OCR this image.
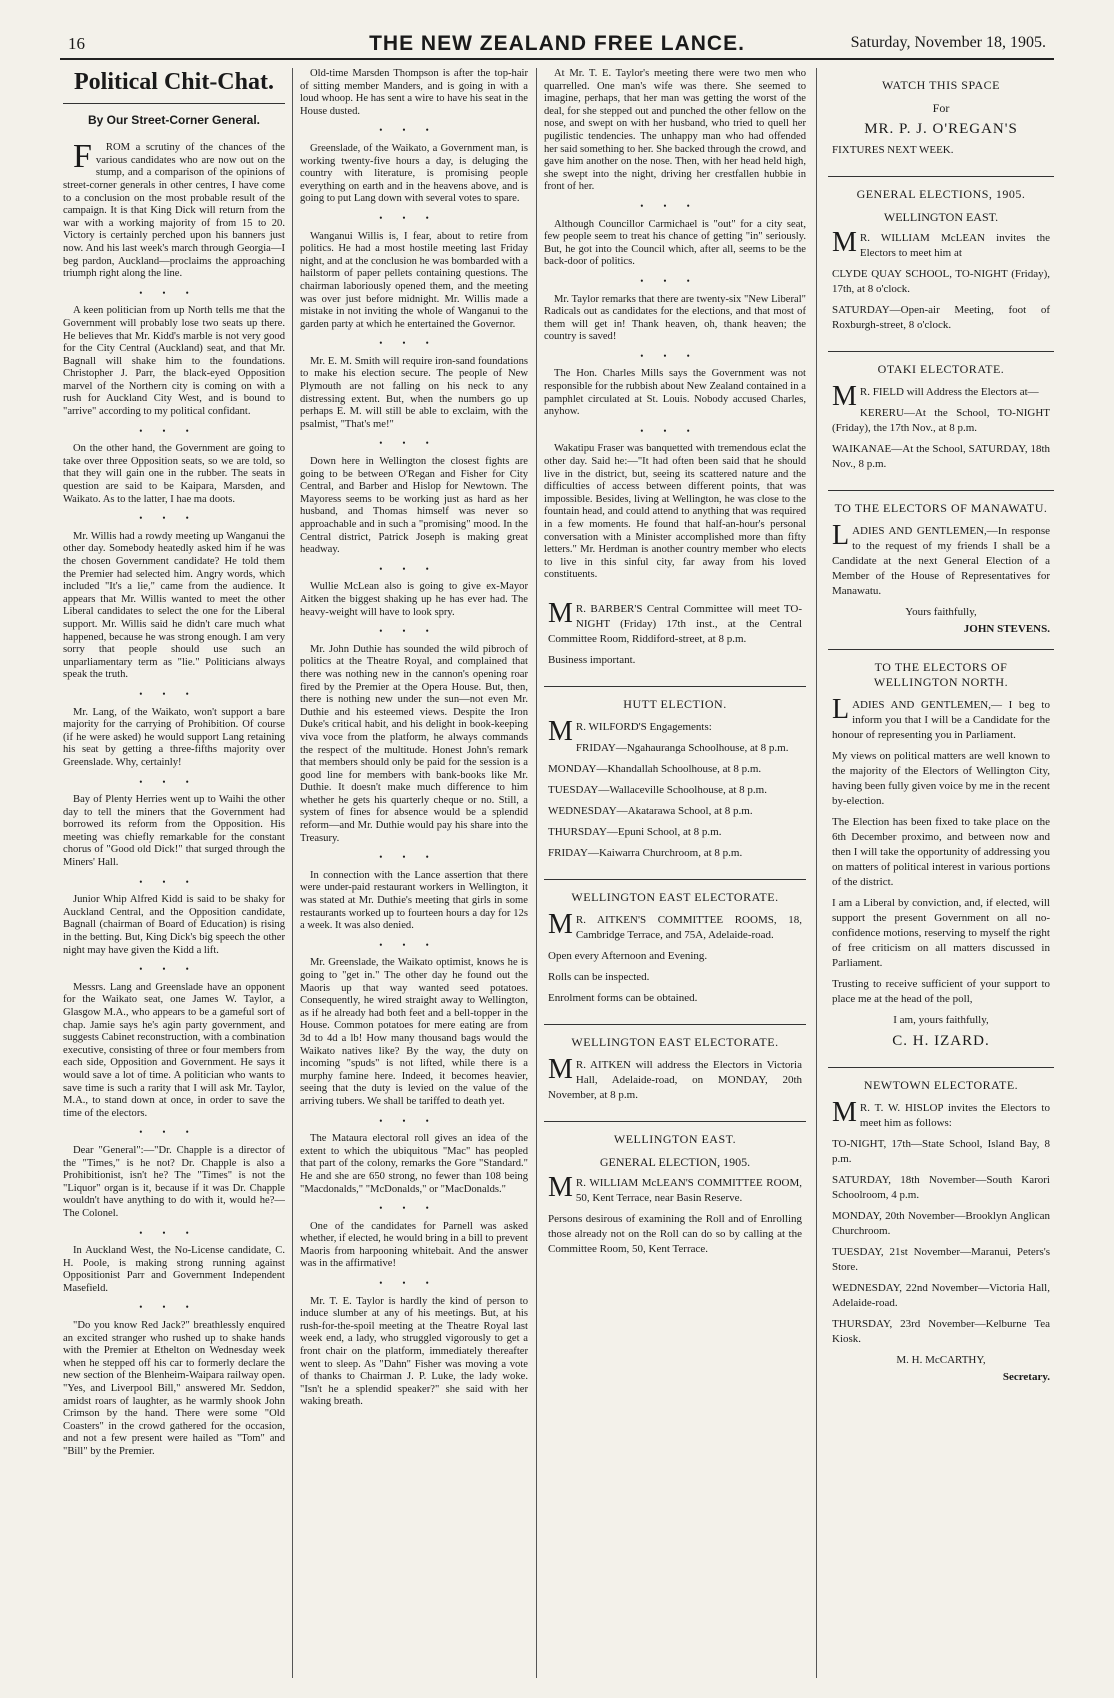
16	THE NEW ZEALAND FREE LANCE.	Saturday, November 18, 1905.
Political Chit-Chat.
By Our Street-Corner General.

FROM a scrutiny of the chances of the various candidates who are now out on the stump, and a comparison of the opinions of street-corner generals in other centres, I have come to a conclusion on the most probable result of the campaign. It is that King Dick will return from the war with a working majority of from 15 to 20. Victory is certainly perched upon his banners just now. And his last week's march through Georgia—I beg pardon, Auckland—proclaims the approaching triumph right along the line.

•••

A keen politician from up North tells me that the Government will probably lose two seats up there. He believes that Mr. Kidd's marble is not very good for the City Central (Auckland) seat, and that Mr. Bagnall will shake him to the foundations. Christopher J. Parr, the black-eyed Opposition marvel of the Northern city is coming on with a rush for Auckland City West, and is bound to "arrive" according to my political confidant.

•••

On the other hand, the Government are going to take over three Opposition seats, so we are told, so that they will gain one in the rubber. The seats in question are said to be Kaipara, Marsden, and Waikato. As to the latter, I hae ma doots.

•••

Mr. Willis had a rowdy meeting up Wanganui the other day. Somebody heatedly asked him if he was the chosen Government candidate? He told them the Premier had selected him. Angry words, which included "It's a lie," came from the audience. It appears that Mr. Willis wanted to meet the other Liberal candidates to select the one for the Liberal support. Mr. Willis said he didn't care much what happened, because he was strong enough. I am very sorry that people should use such an unparliamentary term as "lie." Politicians always speak the truth.

•••

Mr. Lang, of the Waikato, won't support a bare majority for the carrying of Prohibition. Of course (if he were asked) he would support Lang retaining his seat by getting a three-fifths majority over Greenslade. Why, certainly!

•••

Bay of Plenty Herries went up to Waihi the other day to tell the miners that the Government had borrowed its reform from the Opposition. His meeting was chiefly remarkable for the constant chorus of "Good old Dick!" that surged through the Miners' Hall.

•••

Junior Whip Alfred Kidd is said to be shaky for Auckland Central, and the Opposition candidate, Bagnall (chairman of Board of Education) is rising in the betting. But, King Dick's big speech the other night may have given the Kidd a lift.

•••

Messrs. Lang and Greenslade have an opponent for the Waikato seat, one James W. Taylor, a Glasgow M.A., who appears to be a gameful sort of chap. Jamie says he's agin party government, and suggests Cabinet reconstruction, with a combination executive, consisting of three or four members from each side, Opposition and Government. He says it would save a lot of time. A politician who wants to save time is such a rarity that I will ask Mr. Taylor, M.A., to stand down at once, in order to save the time of the electors.

•••

Dear "General":—"Dr. Chapple is a director of the "Times," is he not? Dr. Chapple is also a Prohibitionist, isn't he? The "Times" is not the "Liquor" organ is it, because if it was Dr. Chapple wouldn't have anything to do with it, would he?—The Colonel.

•••

In Auckland West, the No-License candidate, C. H. Poole, is making strong running against Oppositionist Parr and Government Independent Masefield.

•••

"Do you know Red Jack?" breathlessly enquired an excited stranger who rushed up to shake hands with the Premier at Ethelton on Wednesday week when he stepped off his car to formerly declare the new section of the Blenheim-Waipara railway open. "Yes, and Liverpool Bill," answered Mr. Seddon, amidst roars of laughter, as he warmly shook John Crimson by the hand. There were some "Old Coasters" in the crowd gathered for the occasion, and not a few present were hailed as "Tom" and "Bill" by the Premier.

Old-time Marsden Thompson is after the top-hair of sitting member Manders, and is going in with a loud whoop. He has sent a wire to have his seat in the House dusted.

•••

Greenslade, of the Waikato, a Government man, is working twenty-five hours a day, is deluging the country with literature, is promising people everything on earth and in the heavens above, and is going to put Lang down with several votes to spare.

•••

Wanganui Willis is, I fear, about to retire from politics. He had a most hostile meeting last Friday night, and at the conclusion he was bombarded with a hailstorm of paper pellets containing questions. The chairman laboriously opened them, and the meeting was over just before midnight. Mr. Willis made a mistake in not inviting the whole of Wanganui to the garden party at which he entertained the Governor.

•••

Mr. E. M. Smith will require iron-sand foundations to make his election secure. The people of New Plymouth are not falling on his neck to any distressing extent. But, when the numbers go up perhaps E. M. will still be able to exclaim, with the psalmist, "That's me!"

•••

Down here in Wellington the closest fights are going to be between O'Regan and Fisher for City Central, and Barber and Hislop for Newtown. The Mayoress seems to be working just as hard as her husband, and Thomas himself was never so approachable and in such a "promising" mood. In the Central district, Patrick Joseph is making great headway.

•••

Wullie McLean also is going to give ex-Mayor Aitken the biggest shaking up he has ever had. The heavy-weight will have to look spry.

•••

Mr. John Duthie has sounded the wild pibroch of politics at the Theatre Royal, and complained that there was nothing new in the cannon's opening roar fired by the Premier at the Opera House. But, then, there is nothing new under the sun—not even Mr. Duthie and his esteemed views. Despite the Iron Duke's critical habit, and his delight in book-keeping viva voce from the platform, he always commands the respect of the multitude. Honest John's remark that members should only be paid for the session is a good line for members with bank-books like Mr. Duthie. It doesn't make much difference to him whether he gets his quarterly cheque or no. Still, a system of fines for absence would be a splendid reform—and Mr. Duthie would pay his share into the Treasury.

•••

In connection with the Lance assertion that there were under-paid restaurant workers in Wellington, it was stated at Mr. Duthie's meeting that girls in some restaurants worked up to fourteen hours a day for 12s a week. It was also denied.

•••

Mr. Greenslade, the Waikato optimist, knows he is going to "get in." The other day he found out the Maoris up that way wanted seed potatoes. Consequently, he wired straight away to Wellington, as if he already had both feet and a bell-topper in the House. Common potatoes for mere eating are from 3d to 4d a lb! How many thousand bags would the Waikato natives like? By the way, the duty on incoming "spuds" is not lifted, while there is a murphy famine here. Indeed, it becomes heavier, seeing that the duty is levied on the value of the arriving tubers. We shall be tariffed to death yet.

•••

The Mataura electoral roll gives an idea of the extent to which the ubiquitous "Mac" has peopled that part of the colony, remarks the Gore "Standard." He and she are 650 strong, no fewer than 108 being "Macdonalds," "McDonalds," or "MacDonalds."

•••

One of the candidates for Parnell was asked whether, if elected, he would bring in a bill to prevent Maoris from harpooning whitebait. And the answer was in the affirmative!

•••

Mr. T. E. Taylor is hardly the kind of person to induce slumber at any of his meetings. But, at his rush-for-the-spoil meeting at the Theatre Royal last week end, a lady, who struggled vigorously to get a front chair on the platform, immediately thereafter went to sleep. As "Dahn" Fisher was moving a vote of thanks to Chairman J. P. Luke, the lady woke. "Isn't he a splendid speaker?" she said with her waking breath.

At Mr. T. E. Taylor's meeting there were two men who quarrelled. One man's wife was there. She seemed to imagine, perhaps, that her man was getting the worst of the deal, for she stepped out and punched the other fellow on the nose, and swept on with her husband, who tried to quell her pugilistic tendencies. The unhappy man who had offended her said something to her. She backed through the crowd, and gave him another on the nose. Then, with her head held high, she swept into the night, driving her crestfallen hubbie in front of her.

•••

Although Councillor Carmichael is "out" for a city seat, few people seem to treat his chance of getting "in" seriously. But, he got into the Council which, after all, seems to be the back-door of politics.

•••

Mr. Taylor remarks that there are twenty-six "New Liberal" Radicals out as candidates for the elections, and that most of them will get in! Thank heaven, oh, thank heaven; the country is saved!

•••

The Hon. Charles Mills says the Government was not responsible for the rubbish about New Zealand contained in a pamphlet circulated at St. Louis. Nobody accused Charles, anyhow.

•••

Wakatipu Fraser was banquetted with tremendous eclat the other day. Said he:—"It had often been said that he should live in the district, but, seeing its scattered nature and the difficulties of access between different points, that was impossible. Besides, living at Wellington, he was close to the fountain head, and could attend to anything that was required in a few moments. He found that half-an-hour's personal conversation with a Minister accomplished more than fifty letters." Mr. Herdman is another country member who elects to live in this sinful city, far away from his loved constituents.

MR. BARBER'S Central Committee will meet TO-NIGHT (Friday) 17th inst., at the Central Committee Room, Riddiford-street, at 8 p.m.
Business important.
HUTT ELECTION.
MR. WILFORD'S Engagements:
FRIDAY—Ngahauranga Schoolhouse, at 8 p.m.
MONDAY—Khandallah Schoolhouse, at 8 p.m.
TUESDAY—Wallaceville Schoolhouse, at 8 p.m.
WEDNESDAY—Akatarawa School, at 8 p.m.
THURSDAY—Epuni School, at 8 p.m.
FRIDAY—Kaiwarra Churchroom, at 8 p.m.
WELLINGTON EAST ELECTORATE.
MR. AITKEN'S COMMITTEE ROOMS, 18, Cambridge Terrace, and 75A, Adelaide-road.
Open every Afternoon and Evening.
Rolls can be inspected.
Enrolment forms can be obtained.
WELLINGTON EAST ELECTORATE.
MR. AITKEN will address the Electors in Victoria Hall, Adelaide-road, on MONDAY, 20th November, at 8 p.m.
WELLINGTON EAST.
GENERAL ELECTION, 1905.
MR. WILLIAM McLEAN'S COMMITTEE ROOM, 50, Kent Terrace, near Basin Reserve.
Persons desirous of examining the Roll and of Enrolling those already not on the Roll can do so by calling at the Committee Room, 50, Kent Terrace.
WATCH THIS SPACE
For
MR. P. J. O'REGAN'S
FIXTURES NEXT WEEK.
GENERAL ELECTIONS, 1905.
WELLINGTON EAST.
MR. WILLIAM McLEAN invites the Electors to meet him at
CLYDE QUAY SCHOOL, TO-NIGHT (Friday), 17th, at 8 o'clock.
SATURDAY—Open-air Meeting, foot of Roxburgh-street, 8 o'clock.
OTAKI ELECTORATE.
MR. FIELD will Address the Electors at—
KERERU—At the School, TO-NIGHT (Friday), the 17th Nov., at 8 p.m.
WAIKANAE—At the School, SATURDAY, 18th Nov., 8 p.m.
TO THE ELECTORS OF MANAWATU.
LADIES AND GENTLEMEN,—In response to the request of my friends I shall be a Candidate at the next General Election of a Member of the House of Representatives for Manawatu.
Yours faithfully,
JOHN STEVENS.
TO THE ELECTORS OF WELLINGTON NORTH.
LADIES AND GENTLEMEN,— I beg to inform you that I will be a Candidate for the honour of representing you in Parliament.
My views on political matters are well known to the majority of the Electors of Wellington City, having been fully given voice by me in the recent by-election.
The Election has been fixed to take place on the 6th December proximo, and between now and then I will take the opportunity of addressing you on matters of political interest in various portions of the district.
I am a Liberal by conviction, and, if elected, will support the present Government on all no-confidence motions, reserving to myself the right of free criticism on all matters discussed in Parliament.
Trusting to receive sufficient of your support to place me at the head of the poll,
I am, yours faithfully,
C. H. IZARD.
NEWTOWN ELECTORATE.
MR. T. W. HISLOP invites the Electors to meet him as follows:
TO-NIGHT, 17th—State School, Island Bay, 8 p.m.
SATURDAY, 18th November—South Karori Schoolroom, 4 p.m.
MONDAY, 20th November—Brooklyn Anglican Churchroom.
TUESDAY, 21st November—Maranui, Peters's Store.
WEDNESDAY, 22nd November—Victoria Hall, Adelaide-road.
THURSDAY, 23rd November—Kelburne Tea Kiosk.
M. H. McCARTHY,
Secretary.
